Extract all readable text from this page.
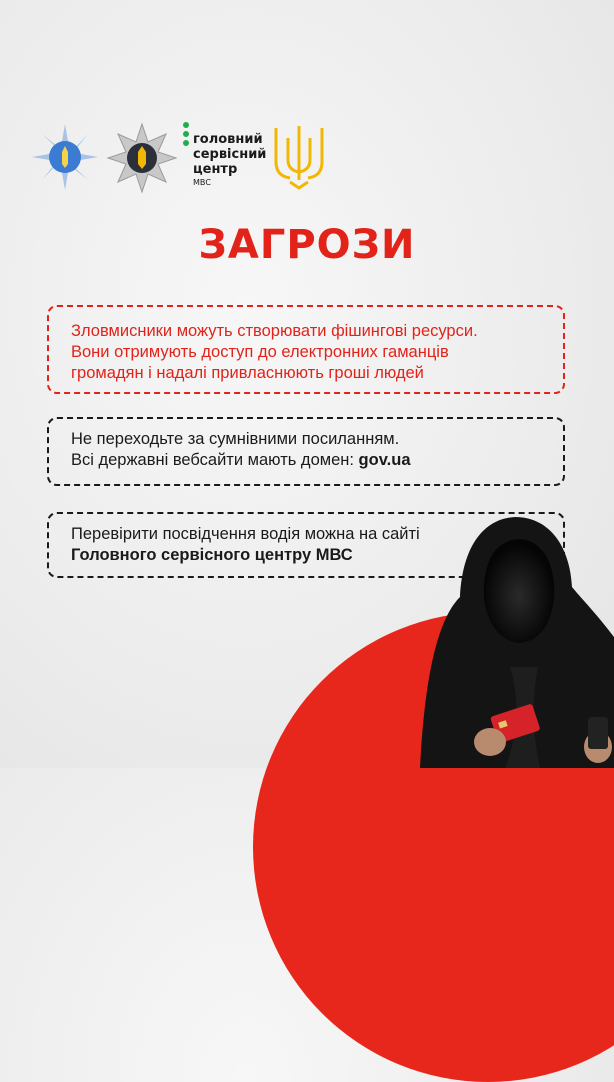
головний
сервісний
центр
МВС
ЗАГРОЗИ
Зловмисники можуть створювати фішингові ресурси.
Вони отримують доступ до електронних гаманців
громадян і надалі привласнюють гроші людей
Не переходьте за сумнівними посиланням.
Всі державні вебсайти мають домен: gov.ua
Перевірити посвідчення водія можна на сайті
Головного сервісного центру МВС
